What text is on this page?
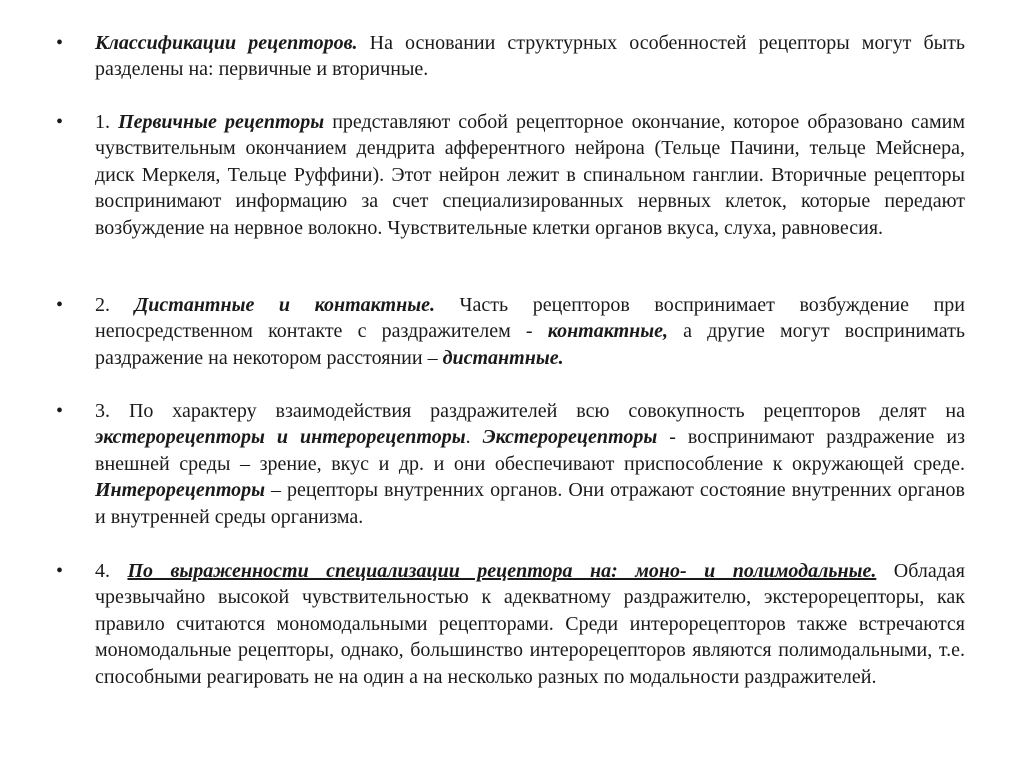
• Классификации рецепторов. На основании структурных особенностей рецепторы могут быть разделены на: первичные и вторичные.
• 1. Первичные рецепторы представляют собой рецепторное окончание, которое образовано самим чувствительным окончанием дендрита афферентного нейрона (Тельце Пачини, тельце Мейснера, диск Меркеля, Тельце Руффини). Этот нейрон лежит в спинальном ганглии. Вторичные рецепторы воспринимают информацию за счет специализированных нервных клеток, которые передают возбуждение на нервное волокно. Чувствительные клетки органов вкуса, слуха, равновесия.
• 2. Дистантные и контактные. Часть рецепторов воспринимает возбуждение при непосредственном контакте с раздражителем - контактные, а другие могут воспринимать раздражение на некотором расстоянии – дистантные.
• 3. По характеру взаимодействия раздражителей всю совокупность рецепторов делят на экстерорецепторы и интерорецепторы. Экстерорецепторы - воспринимают раздражение из внешней среды – зрение, вкус и др. и они обеспечивают приспособление к окружающей среде. Интерорецепторы – рецепторы внутренних органов. Они отражают состояние внутренних органов и внутренней среды организма.
• 4. По выраженности специализации рецептора на: моно- и полимодальные. Обладая чрезвычайно высокой чувствительностью к адекватному раздражителю, экстерорецепторы, как правило считаются мономодальными рецепторами. Среди интерорецепторов также встречаются мономодальные рецепторы, однако, большинство интерорецепторов являются полимодальными, т.е. способными реагировать не на один а на несколько разных по модальности раздражителей.
